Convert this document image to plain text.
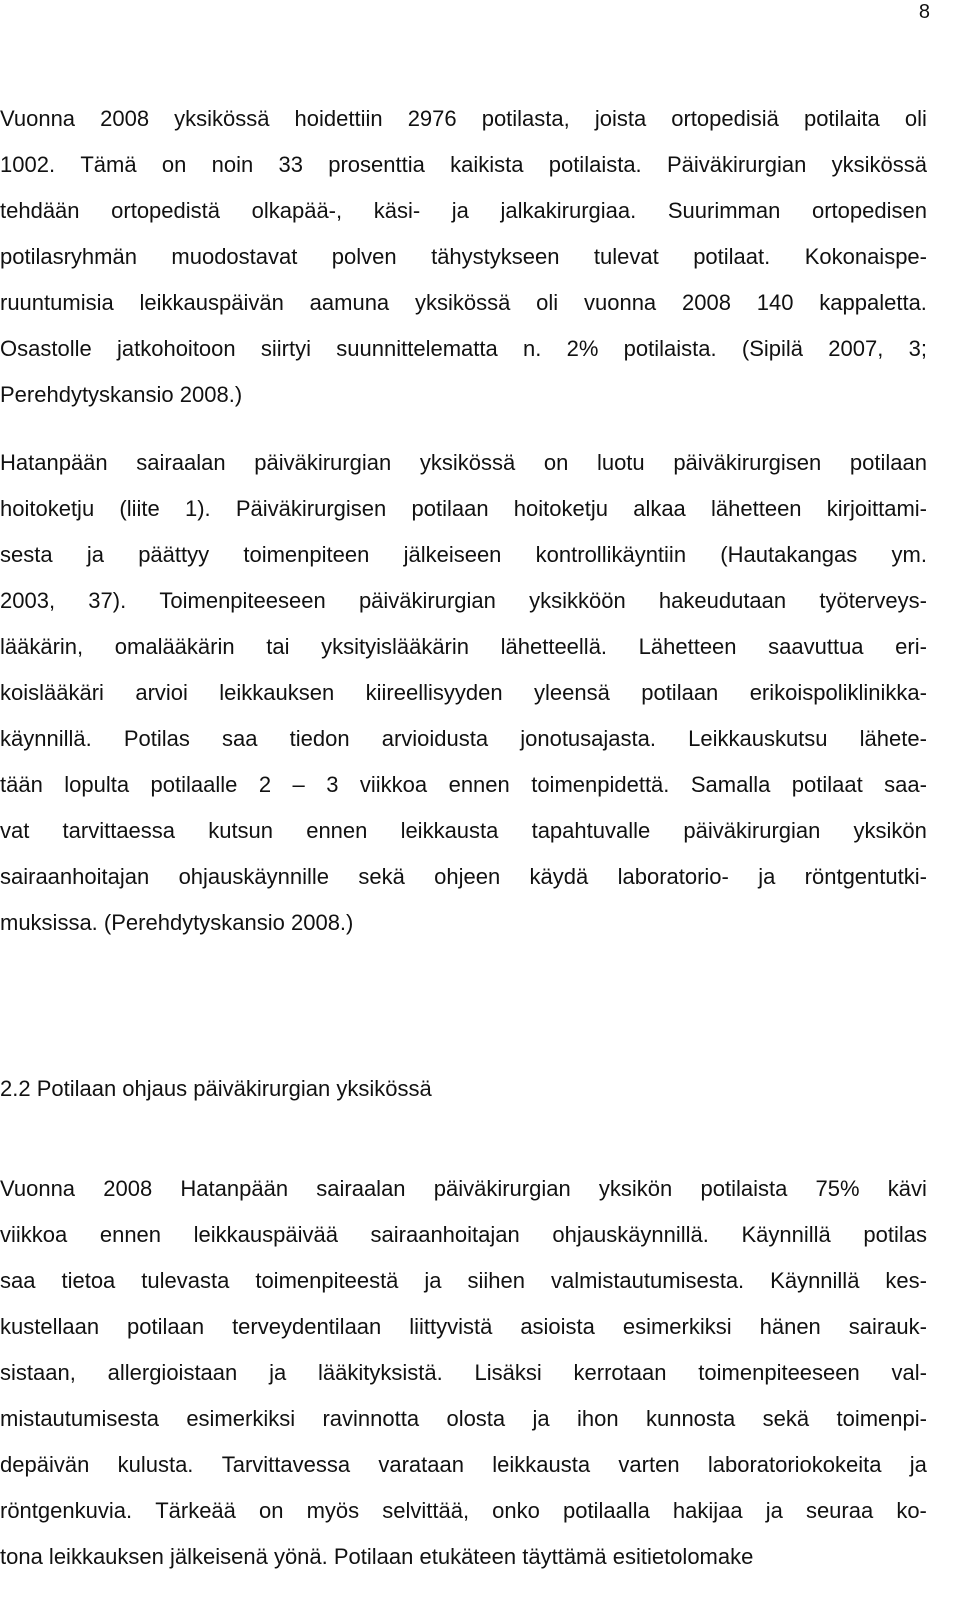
8
Vuonna 2008 yksikössä hoidettiin 2976 potilasta, joista ortopedisiä potilaita oli
1002. Tämä on noin 33 prosenttia kaikista potilaista. Päiväkirurgian yksikössä
tehdään ortopedistä olkapää-, käsi- ja jalkakirurgiaa. Suurimman ortopedisen
potilasryhmän muodostavat polven tähystykseen tulevat potilaat. Kokonaispe-
ruuntumisia leikkauspäivän aamuna yksikössä oli vuonna 2008 140 kappaletta.
Osastolle jatkohoitoon siirtyi suunnittelematta n. 2% potilaista. (Sipilä 2007, 3;
Perehdytyskansio 2008.)
Hatanpään sairaalan päiväkirurgian yksikössä on luotu päiväkirurgisen potilaan
hoitoketju (liite 1). Päiväkirurgisen potilaan hoitoketju alkaa lähetteen kirjoittami-
sesta ja päättyy toimenpiteen jälkeiseen kontrollikäyntiin (Hautakangas ym.
2003, 37). Toimenpiteeseen päiväkirurgian yksikköön hakeudutaan työterveys-
lääkärin, omalääkärin tai yksityislääkärin lähetteellä. Lähetteen saavuttua eri-
koislääkäri arvioi leikkauksen kiireellisyyden yleensä potilaan erikoispoliklinikka-
käynnillä. Potilas saa tiedon arvioidusta jonotusajasta. Leikkauskutsu lähete-
tään lopulta potilaalle 2 – 3 viikkoa ennen toimenpidettä. Samalla potilaat saa-
vat tarvittaessa kutsun ennen leikkausta tapahtuvalle päiväkirurgian yksikön
sairaanhoitajan ohjauskäynnille sekä ohjeen käydä laboratorio- ja röntgentutki-
muksissa. (Perehdytyskansio 2008.)
2.2 Potilaan ohjaus päiväkirurgian yksikössä
Vuonna 2008 Hatanpään sairaalan päiväkirurgian yksikön potilaista 75% kävi
viikkoa ennen leikkauspäivää sairaanhoitajan ohjauskäynnillä. Käynnillä potilas
saa tietoa tulevasta toimenpiteestä ja siihen valmistautumisesta. Käynnillä kes-
kustellaan potilaan terveydentilaan liittyvistä asioista esimerkiksi hänen sairauk-
sistaan, allergioistaan ja lääkityksistä. Lisäksi kerrotaan toimenpiteeseen val-
mistautumisesta esimerkiksi ravinnotta olosta ja ihon kunnosta sekä toimenpi-
depäivän kulusta. Tarvittavessa varataan leikkausta varten laboratoriokokeita ja
röntgenkuvia. Tärkeää on myös selvittää, onko potilaalla hakijaa ja seuraa ko-
tona leikkauksen jälkeisenä yönä. Potilaan etukäteen täyttämä esitietolomake
